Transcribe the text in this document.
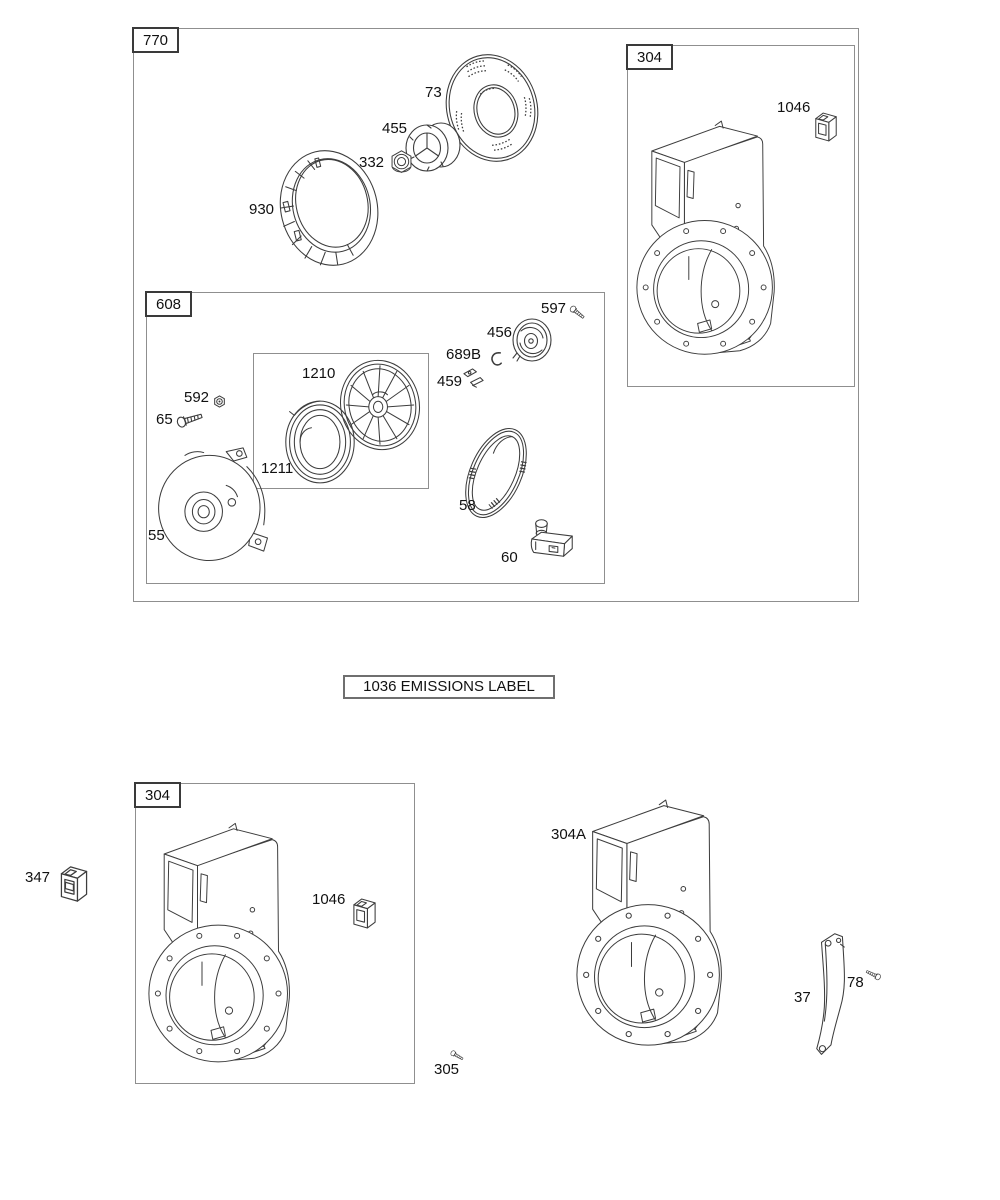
770
73
455
332
930
608	597
456
689B
459
1210
1211
592
65
55
58
60
304
1046
1036 EMISSIONS LABEL
304
1046
347
305
304A
37
78
